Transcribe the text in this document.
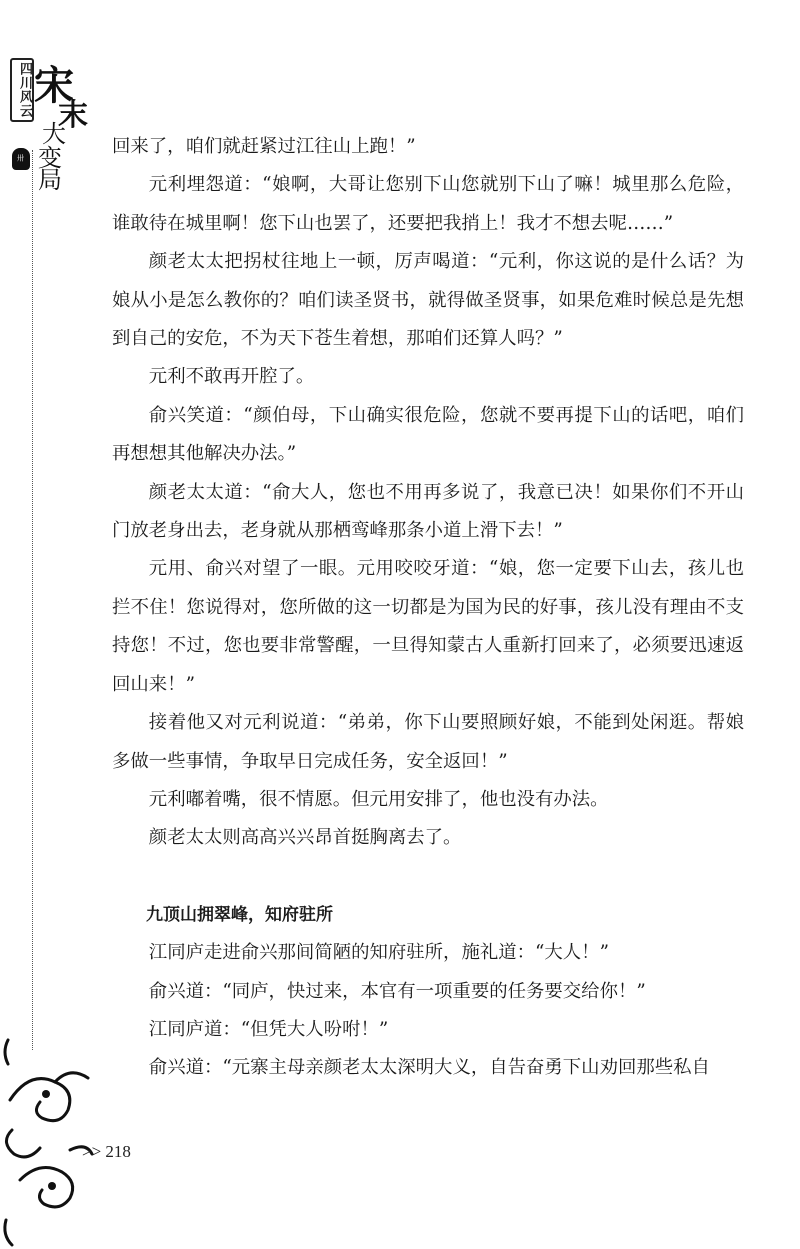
四川风云 宋
末
大
变
局
卅

回来了，咱们就赶紧过江往山上跑！”

元利埋怨道：“娘啊，大哥让您别下山您就别下山了嘛！城里那么危险，谁敢待在城里啊！您下山也罢了，还要把我捎上！我才不想去呢……”

颜老太太把拐杖往地上一顿，厉声喝道：“元利，你这说的是什么话？为娘从小是怎么教你的？咱们读圣贤书，就得做圣贤事，如果危难时候总是先想到自己的安危，不为天下苍生着想，那咱们还算人吗？”

元利不敢再开腔了。

俞兴笑道：“颜伯母，下山确实很危险，您就不要再提下山的话吧，咱们再想想其他解决办法。”

颜老太太道：“俞大人，您也不用再多说了，我意已决！如果你们不开山门放老身出去，老身就从那栖鸾峰那条小道上滑下去！”

元用、俞兴对望了一眼。元用咬咬牙道：“娘，您一定要下山去，孩儿也拦不住！您说得对，您所做的这一切都是为国为民的好事，孩儿没有理由不支持您！不过，您也要非常警醒，一旦得知蒙古人重新打回来了，必须要迅速返回山来！”

接着他又对元利说道：“弟弟，你下山要照顾好娘，不能到处闲逛。帮娘多做一些事情，争取早日完成任务，安全返回！”

元利嘟着嘴，很不情愿。但元用安排了，他也没有办法。

颜老太太则高高兴兴昂首挺胸离去了。

九顶山拥翠峰，知府驻所

江同庐走进俞兴那间简陋的知府驻所，施礼道：“大人！”

俞兴道：“同庐，快过来，本官有一项重要的任务要交给你！”

江同庐道：“但凭大人吩咐！”

俞兴道：“元寨主母亲颜老太太深明大义，自告奋勇下山劝回那些私自

>> 218
